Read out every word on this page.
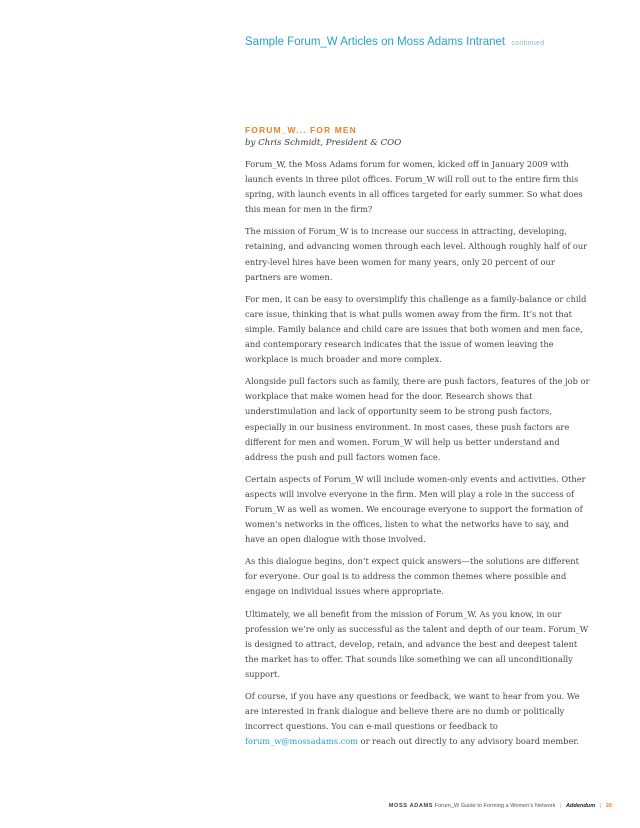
Sample Forum_W Articles on Moss Adams Intranet continued
FORUM_W... FOR MEN
by Chris Schmidt, President & COO

Forum_W, the Moss Adams forum for women, kicked off in January 2009 with launch events in three pilot offices. Forum_W will roll out to the entire firm this spring, with launch events in all offices targeted for early summer. So what does this mean for men in the firm?

The mission of Forum_W is to increase our success in attracting, developing, retaining, and advancing women through each level. Although roughly half of our entry-level hires have been women for many years, only 20 percent of our partners are women.

For men, it can be easy to oversimplify this challenge as a family-balance or child care issue, thinking that is what pulls women away from the firm. It’s not that simple. Family balance and child care are issues that both women and men face, and contemporary research indicates that the issue of women leaving the workplace is much broader and more complex.

Alongside pull factors such as family, there are push factors, features of the job or workplace that make women head for the door. Research shows that understimulation and lack of opportunity seem to be strong push factors, especially in our business environment. In most cases, these push factors are different for men and women. Forum_W will help us better understand and address the push and pull factors women face.

Certain aspects of Forum_W will include women-only events and activities. Other aspects will involve everyone in the firm. Men will play a role in the success of Forum_W as well as women. We encourage everyone to support the formation of women’s networks in the offices, listen to what the networks have to say, and have an open dialogue with those involved.

As this dialogue begins, don’t expect quick answers—the solutions are different for everyone. Our goal is to address the common themes where possible and engage on individual issues where appropriate.

Ultimately, we all benefit from the mission of Forum_W. As you know, in our profession we’re only as successful as the talent and depth of our team. Forum_W is designed to attract, develop, retain, and advance the best and deepest talent the market has to offer. That sounds like something we can all unconditionally support.

Of course, if you have any questions or feedback, we want to hear from you. We are interested in frank dialogue and believe there are no dumb or politically incorrect questions. You can e-mail questions or feedback to forum_w@mossadams.com or reach out directly to any advisory board member.

MOSS ADAMS Forum_W Guide to Forming a Women’s Network | Addendum | 26
